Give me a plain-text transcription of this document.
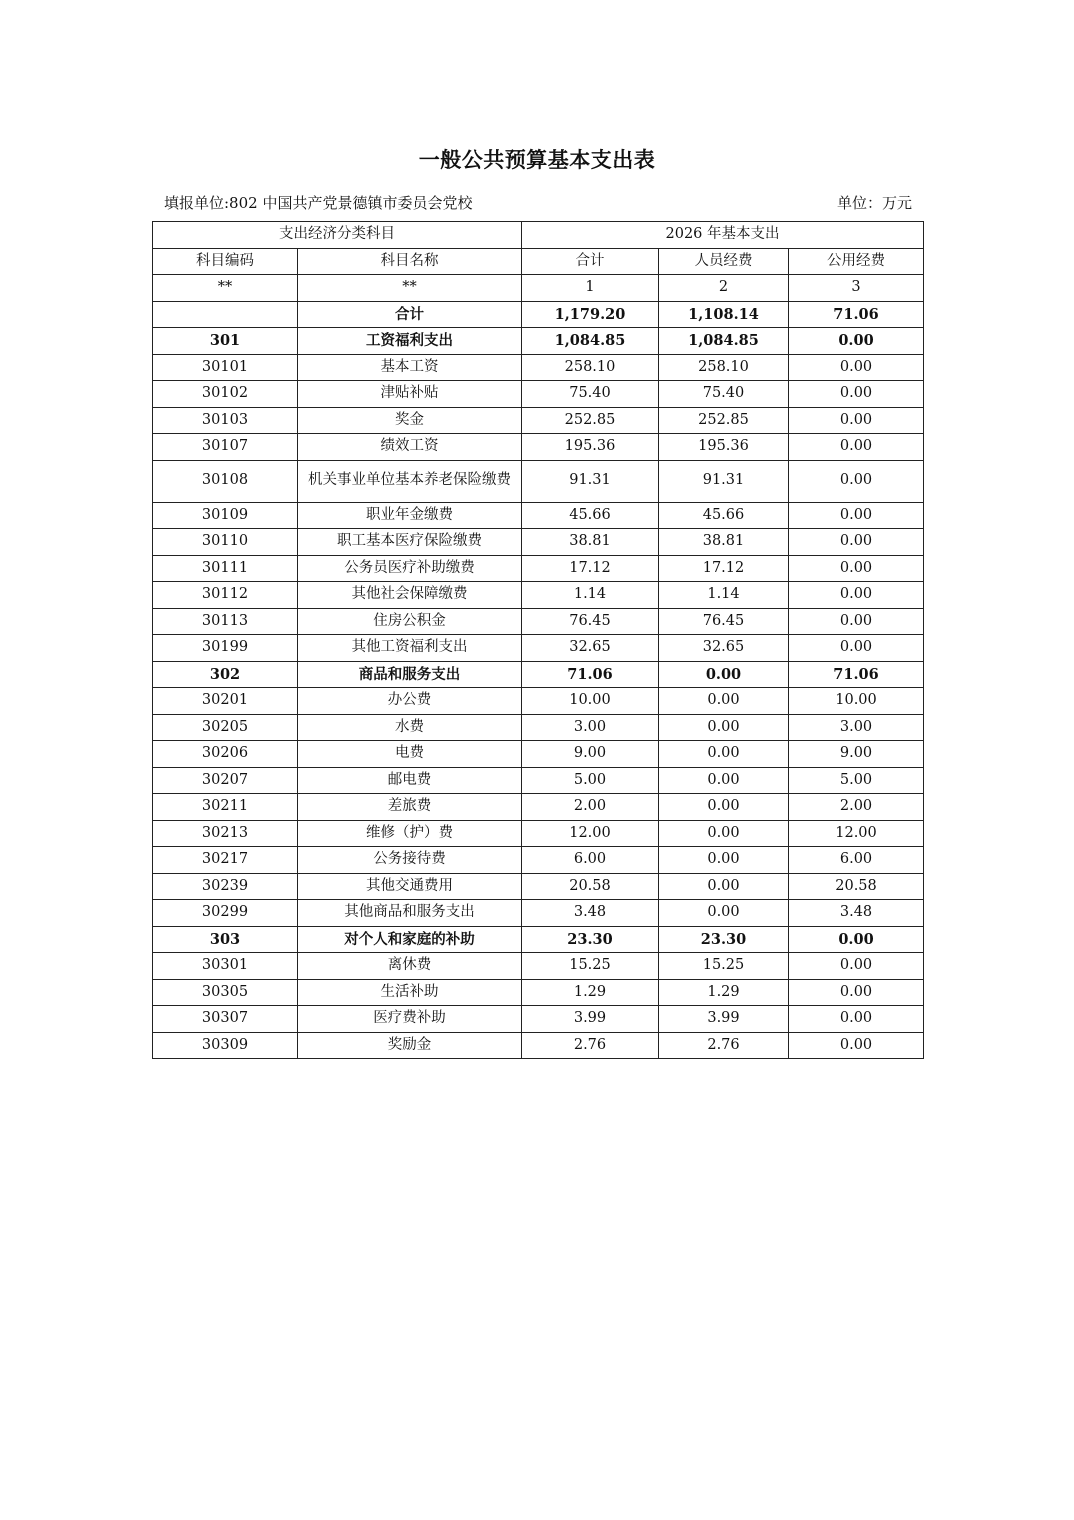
一般公共预算基本支出表
填报单位:802 中国共产党景德镇市委员会党校	单位：万元
支出经济分类科目		2026 年基本支出		
科目编码	科目名称	合计	人员经费	公用经费
**	**	1	2	3
	合计	1,179.20	1,108.14	71.06
301	工资福利支出	1,084.85	1,084.85	0.00
30101	基本工资	258.10	258.10	0.00
30102	津贴补贴	75.40	75.40	0.00
30103	奖金	252.85	252.85	0.00
30107	绩效工资	195.36	195.36	0.00
30108	机关事业单位基本养老保险缴费	91.31	91.31	0.00
30109	职业年金缴费	45.66	45.66	0.00
30110	职工基本医疗保险缴费	38.81	38.81	0.00
30111	公务员医疗补助缴费	17.12	17.12	0.00
30112	其他社会保障缴费	1.14	1.14	0.00
30113	住房公积金	76.45	76.45	0.00
30199	其他工资福利支出	32.65	32.65	0.00
302	商品和服务支出	71.06	0.00	71.06
30201	办公费	10.00	0.00	10.00
30205	水费	3.00	0.00	3.00
30206	电费	9.00	0.00	9.00
30207	邮电费	5.00	0.00	5.00
30211	差旅费	2.00	0.00	2.00
30213	维修（护）费	12.00	0.00	12.00
30217	公务接待费	6.00	0.00	6.00
30239	其他交通费用	20.58	0.00	20.58
30299	其他商品和服务支出	3.48	0.00	3.48
303	对个人和家庭的补助	23.30	23.30	0.00
30301	离休费	15.25	15.25	0.00
30305	生活补助	1.29	1.29	0.00
30307	医疗费补助	3.99	3.99	0.00
30309	奖励金	2.76	2.76	0.00
